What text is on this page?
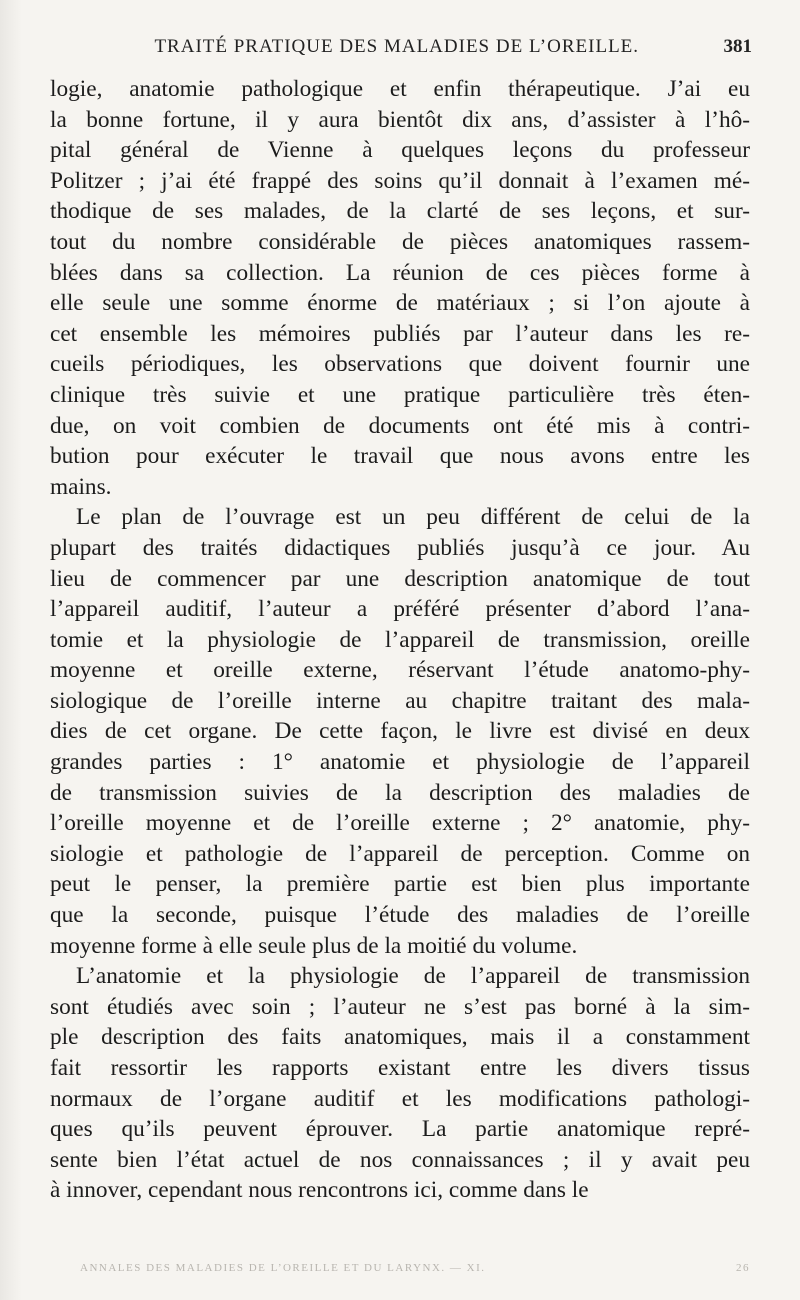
TRAITÉ PRATIQUE DES MALADIES DE L’OREILLE.	381
logie, anatomie pathologique et enfin thérapeutique. J’ai eu
la bonne fortune, il y aura bientôt dix ans, d’assister à l’hô-
pital général de Vienne à quelques leçons du professeur
Politzer ; j’ai été frappé des soins qu’il donnait à l’examen mé-
thodique de ses malades, de la clarté de ses leçons, et sur-
tout du nombre considérable de pièces anatomiques rassem-
blées dans sa collection. La réunion de ces pièces forme à
elle seule une somme énorme de matériaux ; si l’on ajoute à
cet ensemble les mémoires publiés par l’auteur dans les re-
cueils périodiques, les observations que doivent fournir une
clinique très suivie et une pratique particulière très éten-
due, on voit combien de documents ont été mis à contri-
bution pour exécuter le travail que nous avons entre les
mains.
Le plan de l’ouvrage est un peu différent de celui de la
plupart des traités didactiques publiés jusqu’à ce jour. Au
lieu de commencer par une description anatomique de tout
l’appareil auditif, l’auteur a préféré présenter d’abord l’ana-
tomie et la physiologie de l’appareil de transmission, oreille
moyenne et oreille externe, réservant l’étude anatomo-phy-
siologique de l’oreille interne au chapitre traitant des mala-
dies de cet organe. De cette façon, le livre est divisé en deux
grandes parties : 1° anatomie et physiologie de l’appareil
de transmission suivies de la description des maladies de
l’oreille moyenne et de l’oreille externe ; 2° anatomie, phy-
siologie et pathologie de l’appareil de perception. Comme on
peut le penser, la première partie est bien plus importante
que la seconde, puisque l’étude des maladies de l’oreille
moyenne forme à elle seule plus de la moitié du volume.
L’anatomie et la physiologie de l’appareil de transmission
sont étudiés avec soin ; l’auteur ne s’est pas borné à la sim-
ple description des faits anatomiques, mais il a constamment
fait ressortir les rapports existant entre les divers tissus
normaux de l’organe auditif et les modifications pathologi-
ques qu’ils peuvent éprouver. La partie anatomique repré-
sente bien l’état actuel de nos connaissances ; il y avait peu
à innover, cependant nous rencontrons ici, comme dans le
ANNALES DES MALADIES DE L’OREILLE ET DU LARYNX. — XI.	26
